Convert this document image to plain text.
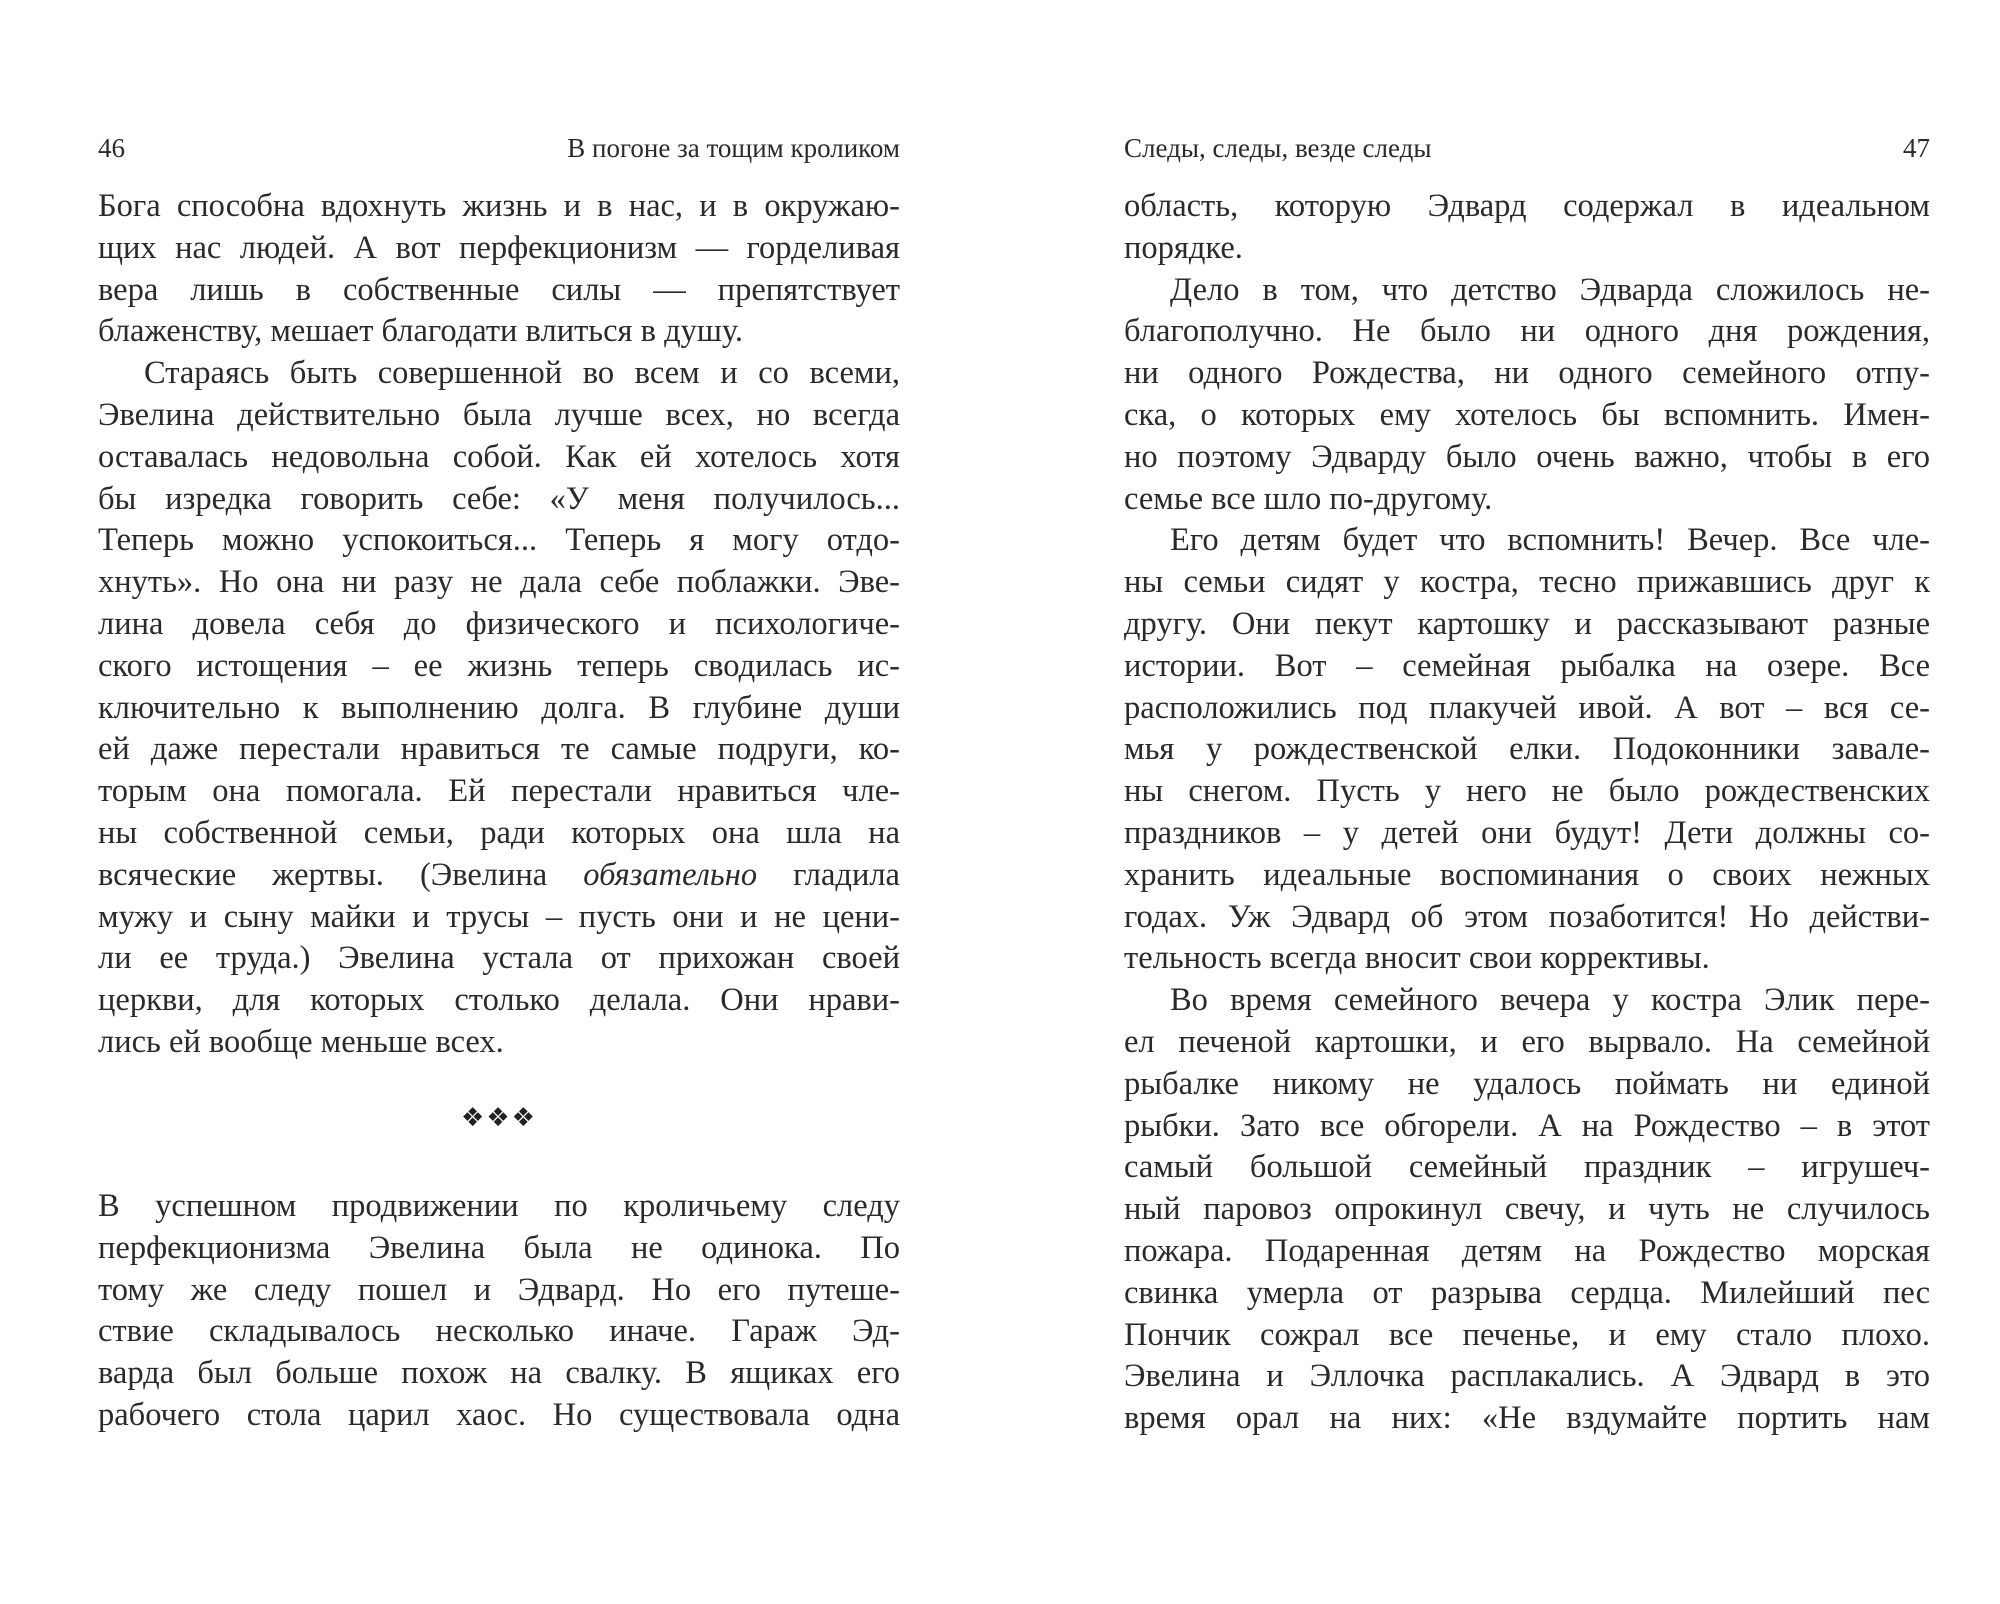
46	В погоне за тощим кроликом
Бога способна вдохнуть жизнь и в нас, и в окружаю-
щих нас людей. А вот перфекционизм — горделивая
вера лишь в собственные силы — препятствует
блаженству, мешает благодати влиться в душу.
Стараясь быть совершенной во всем и со всеми,
Эвелина действительно была лучше всех, но всегда
оставалась недовольна собой. Как ей хотелось хотя
бы изредка говорить себе: «У меня получилось...
Теперь можно успокоиться... Теперь я могу отдо-
хнуть». Но она ни разу не дала себе поблажки. Эве-
лина довела себя до физического и психологиче-
ского истощения – ее жизнь теперь сводилась ис-
ключительно к выполнению долга. В глубине души
ей даже перестали нравиться те самые подруги, ко-
торым она помогала. Ей перестали нравиться чле-
ны собственной семьи, ради которых она шла на
всяческие жертвы. (Эвелина обязательно гладила
мужу и сыну майки и трусы – пусть они и не цени-
ли ее труда.) Эвелина устала от прихожан своей
церкви, для которых столько делала. Они нрави-
лись ей вообще меньше всех.
❖❖❖
В успешном продвижении по кроличьему следу
перфекционизма Эвелина была не одинока. По
тому же следу пошел и Эдвард. Но его путеше-
ствие складывалось несколько иначе. Гараж Эд-
варда был больше похож на свалку. В ящиках его
рабочего стола царил хаос. Но существовала одна
Следы, следы, везде следы	47
область, которую Эдвард содержал в идеальном
порядке.
Дело в том, что детство Эдварда сложилось не-
благополучно. Не было ни одного дня рождения,
ни одного Рождества, ни одного семейного отпу-
ска, о которых ему хотелось бы вспомнить. Имен-
но поэтому Эдварду было очень важно, чтобы в его
семье все шло по-другому.
Его детям будет что вспомнить! Вечер. Все чле-
ны семьи сидят у костра, тесно прижавшись друг к
другу. Они пекут картошку и рассказывают разные
истории. Вот – семейная рыбалка на озере. Все
расположились под плакучей ивой. А вот – вся се-
мья у рождественской елки. Подоконники завале-
ны снегом. Пусть у него не было рождественских
праздников – у детей они будут! Дети должны со-
хранить идеальные воспоминания о своих нежных
годах. Уж Эдвард об этом позаботится! Но действи-
тельность всегда вносит свои коррективы.
Во время семейного вечера у костра Элик пере-
ел печеной картошки, и его вырвало. На семейной
рыбалке никому не удалось поймать ни единой
рыбки. Зато все обгорели. А на Рождество – в этот
самый большой семейный праздник – игрушеч-
ный паровоз опрокинул свечу, и чуть не случилось
пожара. Подаренная детям на Рождество морская
свинка умерла от разрыва сердца. Милейший пес
Пончик сожрал все печенье, и ему стало плохо.
Эвелина и Эллочка расплакались. А Эдвард в это
время орал на них: «Не вздумайте портить нам
